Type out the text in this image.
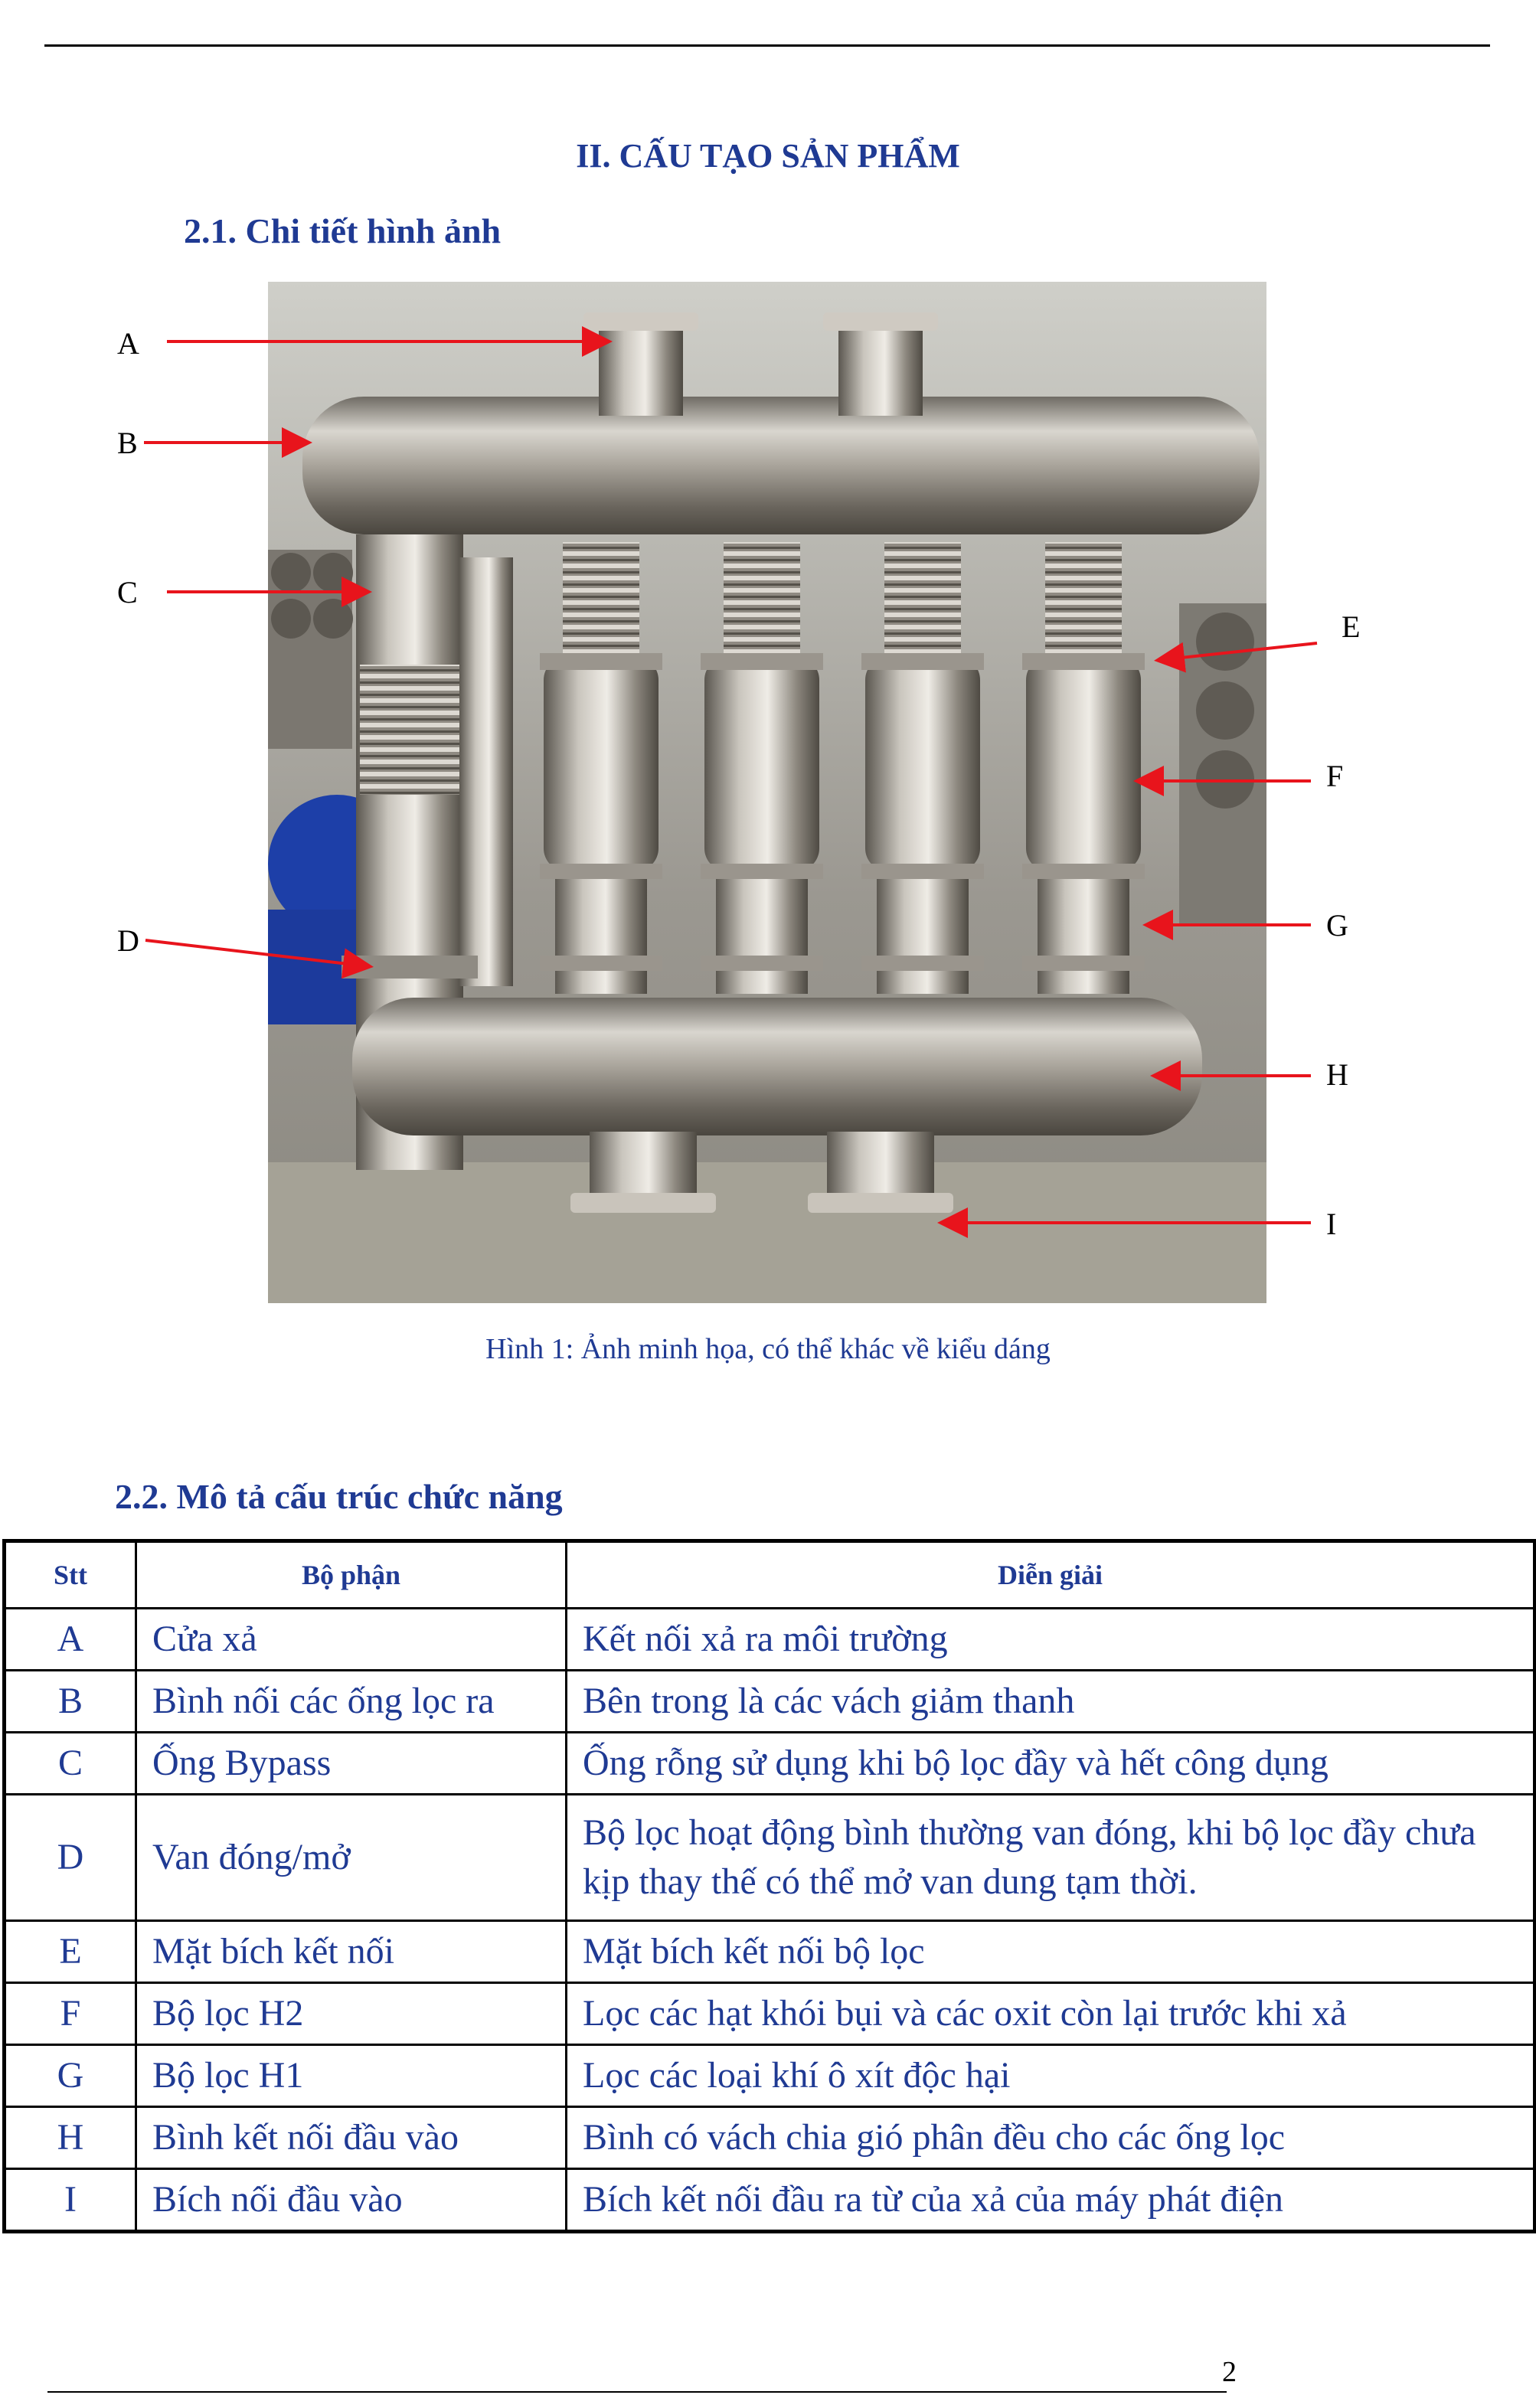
II. CẤU TẠO SẢN PHẨM
2.1. Chi tiết hình ảnh
A
B
C
D
E
F
G
H
I
Hình 1: Ảnh minh họa, có thể khác về kiểu dáng
2.2. Mô tả cấu trúc chức năng
Stt	Bộ phận	Diễn giải
A	Cửa xả	Kết nối xả ra môi trường
B	Bình nối các ống lọc ra	Bên trong là các vách giảm thanh
C	Ống Bypass	Ống rỗng sử dụng khi bộ lọc đầy và hết công dụng
D	Van đóng/mở	Bộ lọc hoạt động bình thường van đóng, khi bộ lọc đầy chưa kịp thay thế có thể mở van dung tạm thời.
E	Mặt bích kết nối	Mặt bích kết nối bộ lọc
F	Bộ lọc H2	Lọc các hạt khói bụi và các oxit còn lại trước khi xả
G	Bộ lọc H1	Lọc các loại khí ô xít độc hại
H	Bình kết nối đầu vào	Bình có vách chia gió phân đều cho các ống lọc
I	Bích nối đầu vào	Bích kết nối đầu ra từ của xả của máy phát điện
2
